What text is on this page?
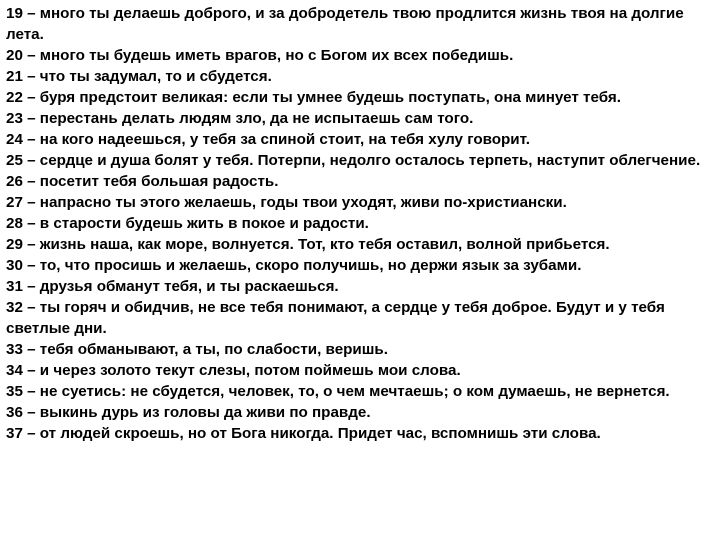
19 – много ты делаешь доброго, и за добродетель твою продлится жизнь твоя на долгие лета.

20 – много ты будешь иметь врагов, но с Богом их всех победишь.

21 – что ты задумал, то и сбудется.

22 – буря предстоит великая: если ты умнее будешь поступать, она минует тебя.

23 – перестань делать людям зло, да не испытаешь сам того.

24 – на кого надеешься, у тебя за спиной стоит, на тебя хулу говорит.

25 – сердце и душа болят у тебя. Потерпи, недолго осталось терпеть, наступит облегчение.

26 – посетит тебя большая радость.

27 – напрасно ты этого желаешь, годы твои уходят, живи по-христиански.

28 – в старости будешь жить в покое и радости.

29 – жизнь наша, как море, волнуется. Тот, кто тебя оставил, волной прибьется.

30 – то, что просишь и желаешь, скоро получишь, но держи язык за зубами.

31 – друзья обманут тебя, и ты раскаешься.

32 – ты горяч и обидчив, не все тебя понимают, а сердце у тебя доброе. Будут и у тебя светлые дни.

33 – тебя обманывают, а ты, по слабости, веришь.

34 – и через золото текут слезы, потом поймешь мои слова.

35 – не суетись: не сбудется, человек, то, о чем мечтаешь; о ком думаешь, не вернется.

36 – выкинь дурь из головы да живи по правде.

37 – от людей скроешь, но от Бога никогда. Придет час, вспомнишь эти слова.
